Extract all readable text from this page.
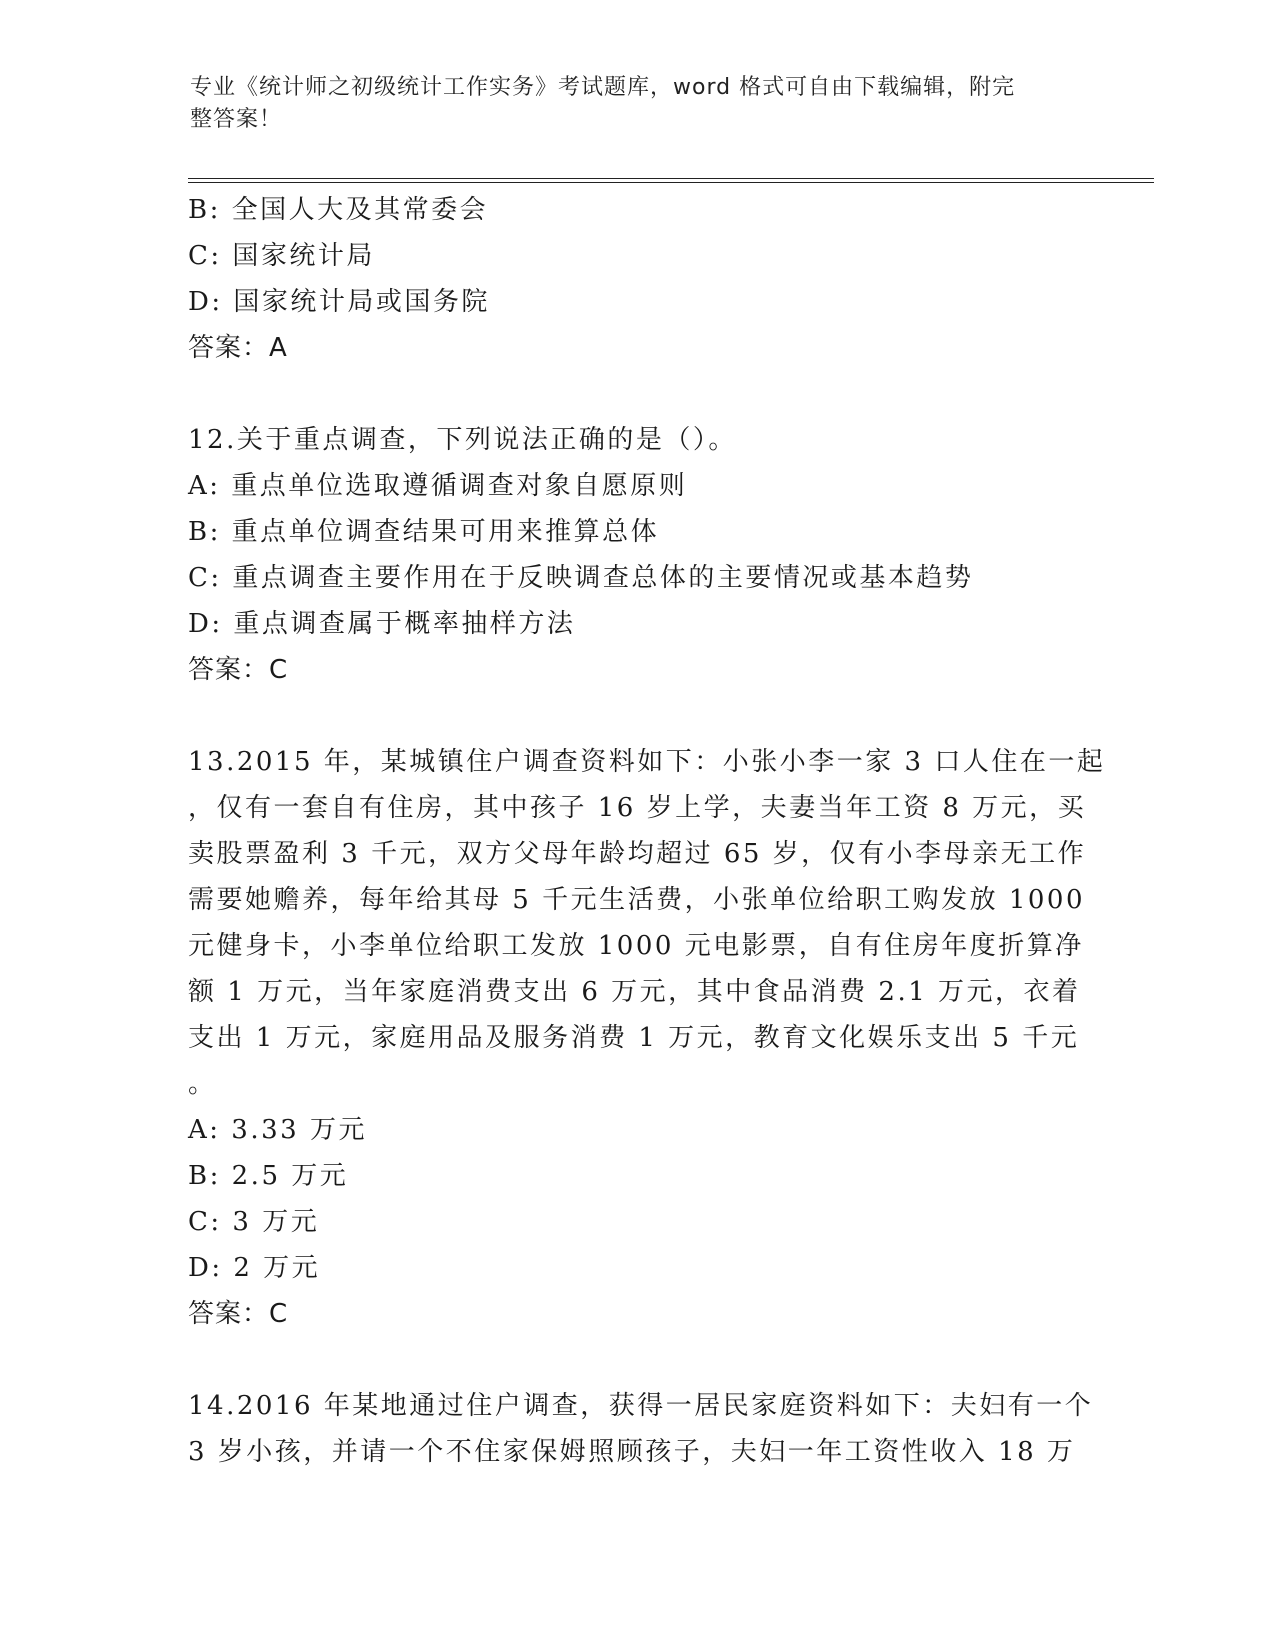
专业《统计师之初级统计工作实务》考试题库，word 格式可自由下载编辑，附完
整答案！
B: 全国人大及其常委会
C: 国家统计局
D: 国家统计局或国务院
答案：A
12.关于重点调查，下列说法正确的是（）。
A: 重点单位选取遵循调查对象自愿原则
B: 重点单位调查结果可用来推算总体
C: 重点调查主要作用在于反映调查总体的主要情况或基本趋势
D: 重点调查属于概率抽样方法
答案：C
13.2015 年，某城镇住户调查资料如下：小张小李一家 3 口人住在一起
，仅有一套自有住房，其中孩子 16 岁上学，夫妻当年工资 8 万元，买
卖股票盈利 3 千元，双方父母年龄均超过 65 岁，仅有小李母亲无工作
需要她赡养，每年给其母 5 千元生活费，小张单位给职工购发放 1000
元健身卡，小李单位给职工发放 1000 元电影票，自有住房年度折算净
额 1 万元，当年家庭消费支出 6 万元，其中食品消费 2.1 万元，衣着
支出 1 万元，家庭用品及服务消费 1 万元，教育文化娱乐支出 5 千元
。
A: 3.33 万元
B: 2.5 万元
C: 3 万元
D: 2 万元
答案：C
14.2016 年某地通过住户调查，获得一居民家庭资料如下：夫妇有一个
3 岁小孩，并请一个不住家保姆照顾孩子，夫妇一年工资性收入 18 万
